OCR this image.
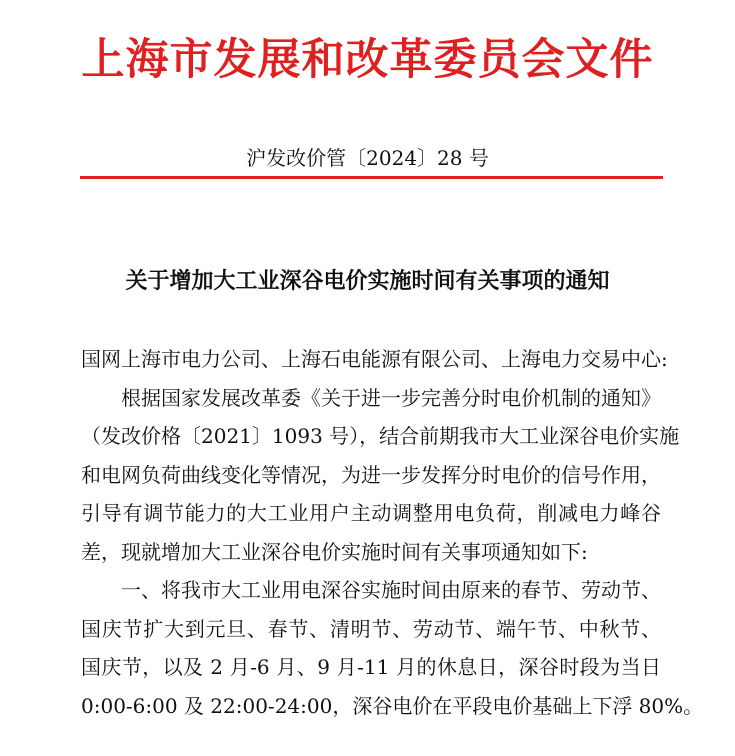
上海市发展和改革委员会文件
沪发改价管〔2024〕28 号
关于增加大工业深谷电价实施时间有关事项的通知
国网上海市电力公司、上海石电能源有限公司、上海电力交易中心:
根据国家发展改革委《关于进一步完善分时电价机制的通知》
（发改价格〔2021〕1093 号），结合前期我市大工业深谷电价实施
和电网负荷曲线变化等情况，为进一步发挥分时电价的信号作用，
引导有调节能力的大工业用户主动调整用电负荷，削减电力峰谷
差，现就增加大工业深谷电价实施时间有关事项通知如下:
一、将我市大工业用电深谷实施时间由原来的春节、劳动节、
国庆节扩大到元旦、春节、清明节、劳动节、端午节、中秋节、
国庆节，以及 2 月-6 月、9 月-11 月的休息日，深谷时段为当日
0:00-6:00 及 22:00-24:00，深谷电价在平段电价基础上下浮 80%。
